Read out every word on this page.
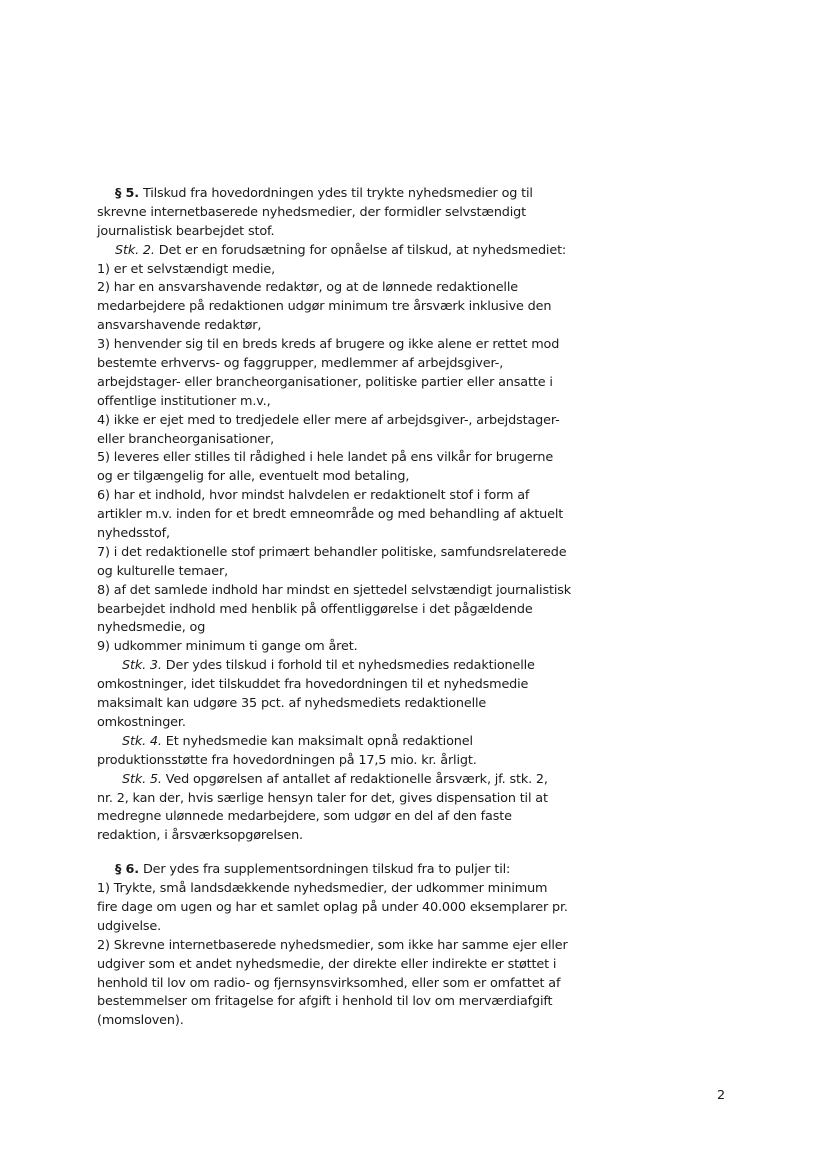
§ 5. Tilskud fra hovedordningen ydes til trykte nyhedsmedier og til
skrevne internetbaserede nyhedsmedier, der formidler selvstændigt
journalistisk bearbejdet stof.
Stk. 2. Det er en forudsætning for opnåelse af tilskud, at nyhedsmediet:
1) er et selvstændigt medie,
2) har en ansvarshavende redaktør, og at de lønnede redaktionelle
medarbejdere på redaktionen udgør minimum tre årsværk inklusive den
ansvarshavende redaktør,
3) henvender sig til en breds kreds af brugere og ikke alene er rettet mod
bestemte erhvervs- og faggrupper, medlemmer af arbejdsgiver-,
arbejdstager- eller brancheorganisationer, politiske partier eller ansatte i
offentlige institutioner m.v.,
4) ikke er ejet med to tredjedele eller mere af arbejdsgiver-, arbejdstager-
eller brancheorganisationer,
5) leveres eller stilles til rådighed i hele landet på ens vilkår for brugerne
og er tilgængelig for alle, eventuelt mod betaling,
6) har et indhold, hvor mindst halvdelen er redaktionelt stof i form af
artikler m.v. inden for et bredt emneområde og med behandling af aktuelt
nyhedsstof,
7) i det redaktionelle stof primært behandler politiske, samfundsrelaterede
og kulturelle temaer,
8) af det samlede indhold har mindst en sjettedel selvstændigt journalistisk
bearbejdet indhold med henblik på offentliggørelse i det pågældende
nyhedsmedie, og
9) udkommer minimum ti gange om året.
Stk. 3. Der ydes tilskud i forhold til et nyhedsmedies redaktionelle
omkostninger, idet tilskuddet fra hovedordningen til et nyhedsmedie
maksimalt kan udgøre 35 pct. af nyhedsmediets redaktionelle
omkostninger.
Stk. 4. Et nyhedsmedie kan maksimalt opnå redaktionel
produktionsstøtte fra hovedordningen på 17,5 mio. kr. årligt.
Stk. 5. Ved opgørelsen af antallet af redaktionelle årsværk, jf. stk. 2,
nr. 2, kan der, hvis særlige hensyn taler for det, gives dispensation til at
medregne ulønnede medarbejdere, som udgør en del af den faste
redaktion, i årsværksopgørelsen.
§ 6. Der ydes fra supplementsordningen tilskud fra to puljer til:
1) Trykte, små landsdækkende nyhedsmedier, der udkommer minimum
fire dage om ugen og har et samlet oplag på under 40.000 eksemplarer pr.
udgivelse.
2) Skrevne internetbaserede nyhedsmedier, som ikke har samme ejer eller
udgiver som et andet nyhedsmedie, der direkte eller indirekte er støttet i
henhold til lov om radio- og fjernsynsvirksomhed, eller som er omfattet af
bestemmelser om fritagelse for afgift i henhold til lov om merværdiafgift
(momsloven).
2
